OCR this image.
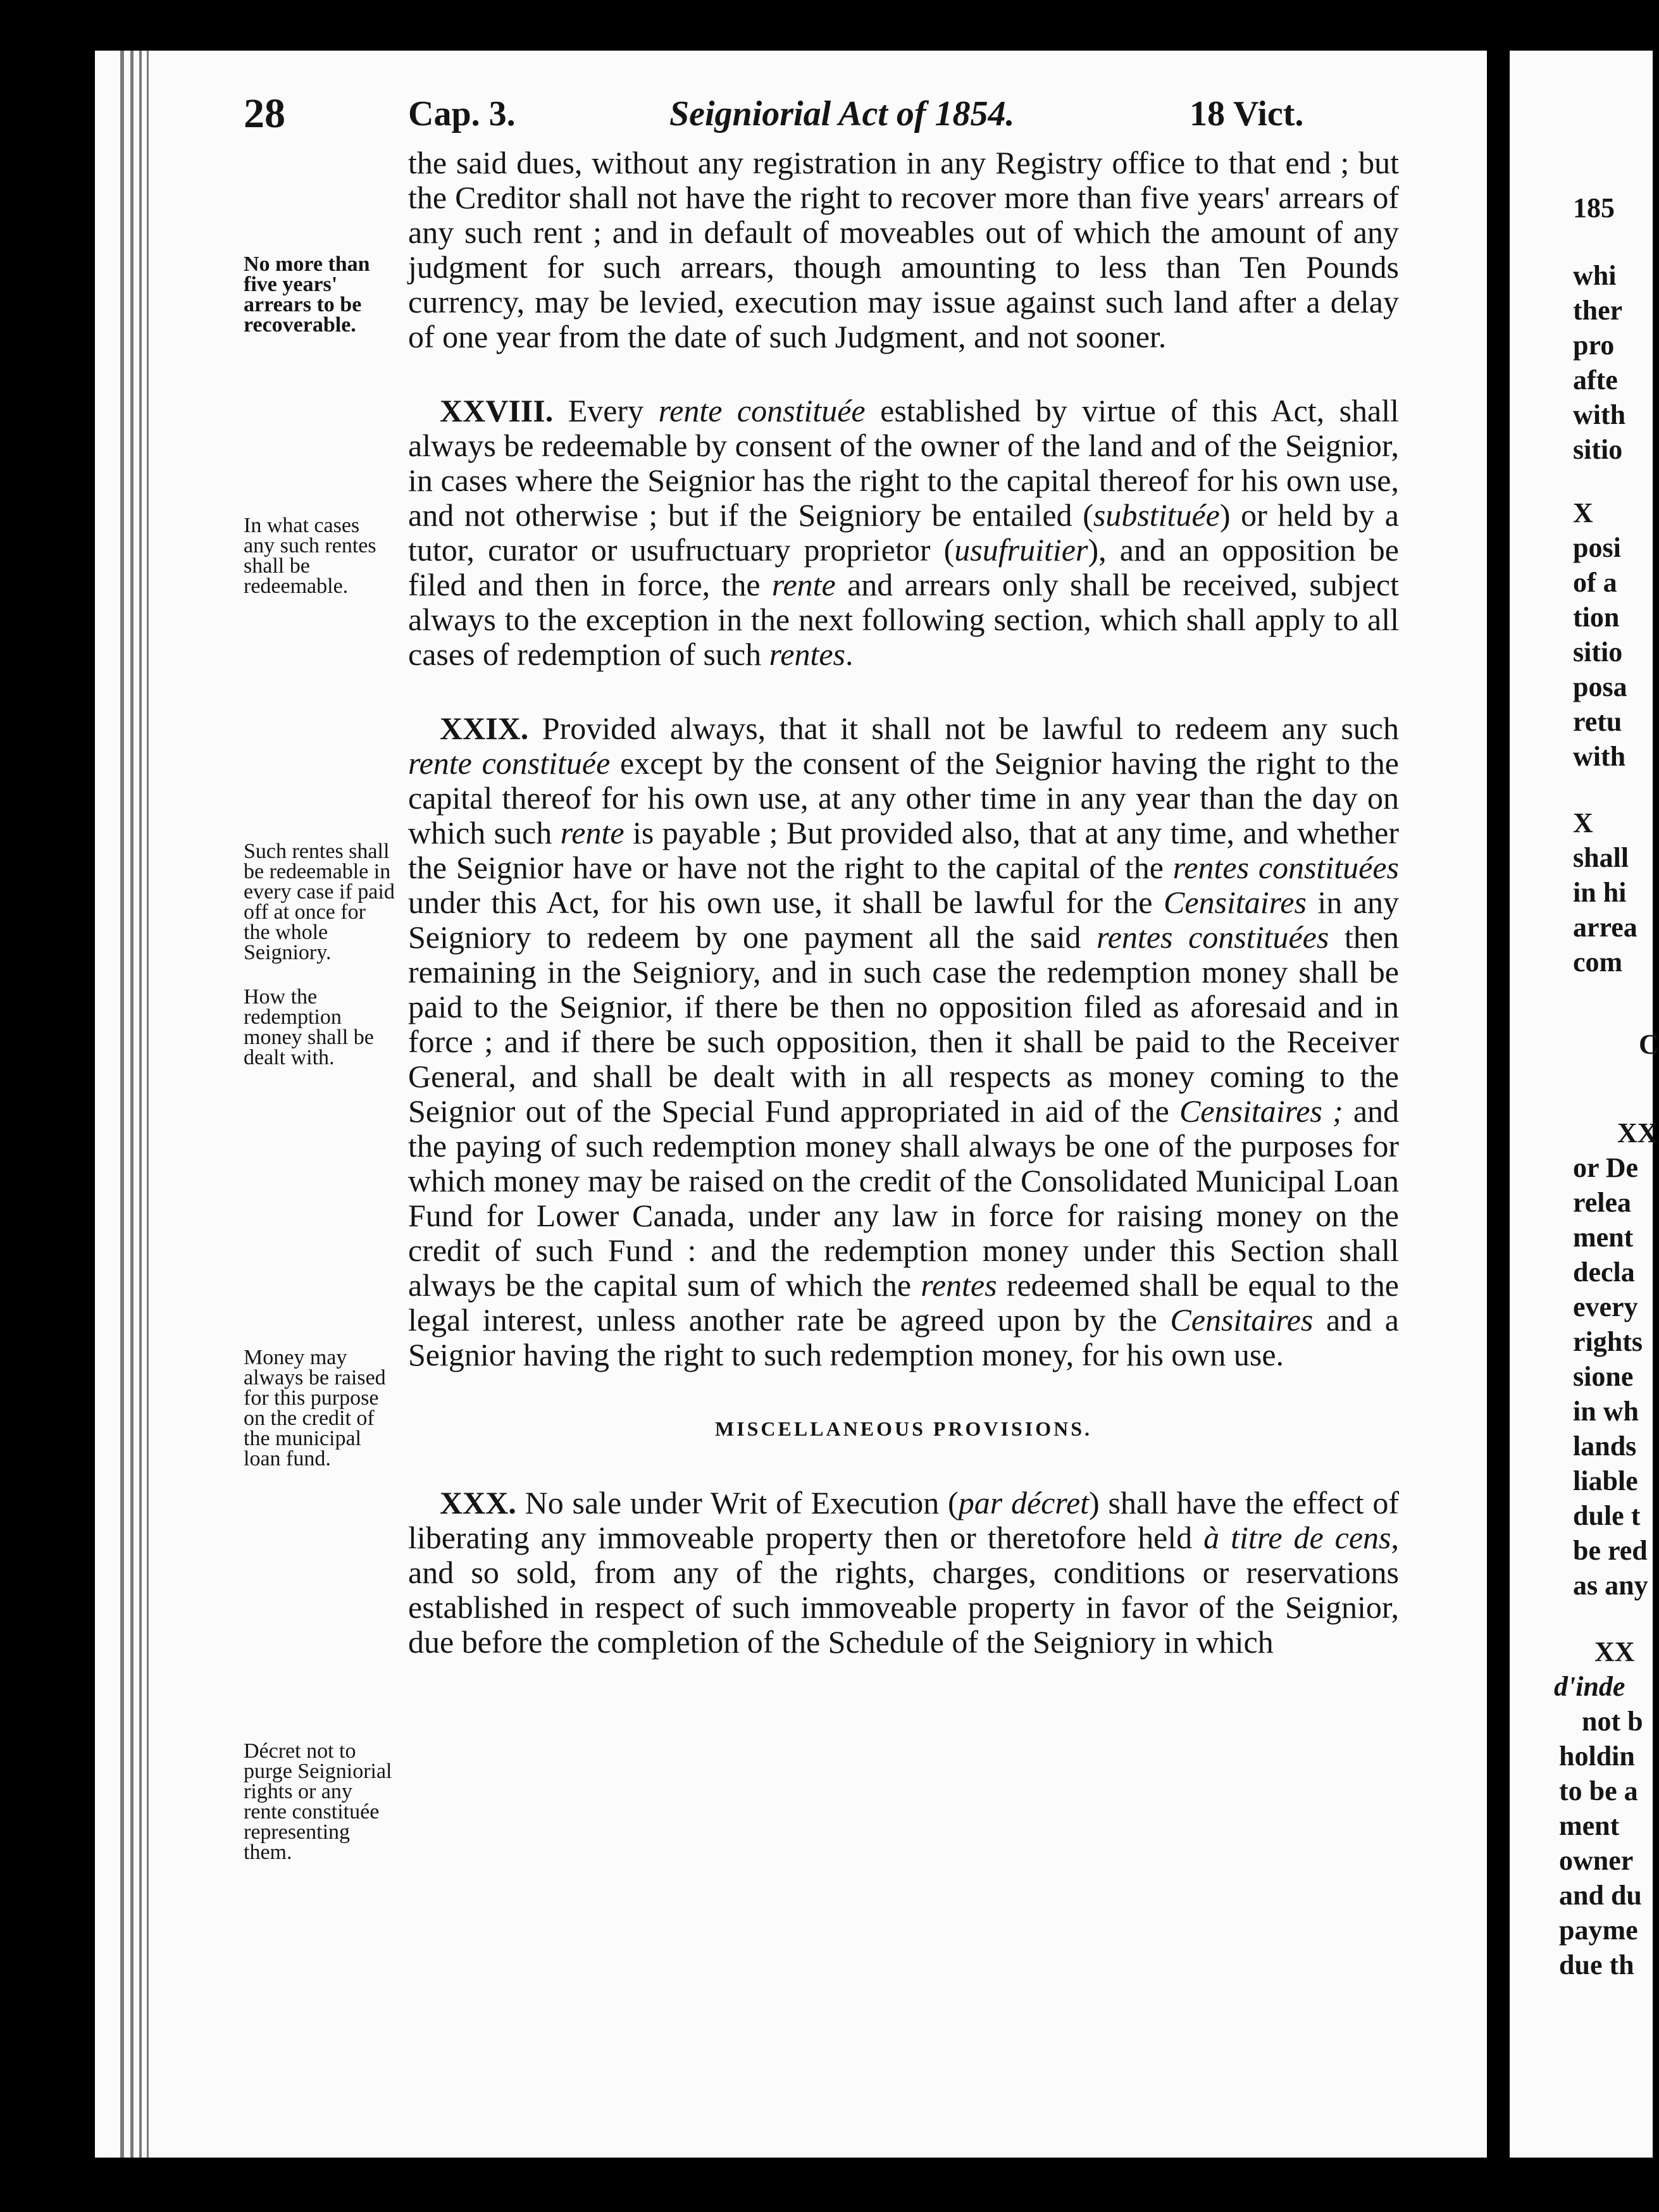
28	Cap. 3.	Seigniorial Act of 1854.	18 Vict.

No more than five years' arrears to be recoverable.

In what cases any such rentes shall be redeemable.

Such rentes shall be redeemable in every case if paid off at once for the whole Seigniory.

How the redemption money shall be dealt with.

Money may always be raised for this purpose on the credit of the municipal loan fund.

Décret not to purge Seigniorial rights or any rente constituée representing them.

the said dues, without any registration in any Registry office to that end ; but the Creditor shall not have the right to recover more than five years' arrears of any such rent ; and in default of moveables out of which the amount of any judgment for such arrears, though amounting to less than Ten Pounds currency, may be levied, execution may issue against such land after a delay of one year from the date of such Judgment, and not sooner.

XXVIII. Every rente constituée established by virtue of this Act, shall always be redeemable by consent of the owner of the land and of the Seignior, in cases where the Seignior has the right to the capital thereof for his own use, and not otherwise ; but if the Seigniory be entailed (substituée) or held by a tutor, curator or usufructuary proprietor (usufruitier), and an opposition be filed and then in force, the rente and arrears only shall be received, subject always to the exception in the next following section, which shall apply to all cases of redemption of such rentes.

XXIX. Provided always, that it shall not be lawful to redeem any such rente constituée except by the consent of the Seignior having the right to the capital thereof for his own use, at any other time in any year than the day on which such rente is payable ; But provided also, that at any time, and whether the Seignior have or have not the right to the capital of the rentes constituées under this Act, for his own use, it shall be lawful for the Censitaires in any Seigniory to redeem by one payment all the said rentes constituées then remaining in the Seigniory, and in such case the redemption money shall be paid to the Seignior, if there be then no opposition filed as aforesaid and in force ; and if there be such opposition, then it shall be paid to the Receiver General, and shall be dealt with in all respects as money coming to the Seignior out of the Special Fund appropriated in aid of the Censitaires ; and the paying of such redemption money shall always be one of the purposes for which money may be raised on the credit of the Consolidated Municipal Loan Fund for Lower Canada, under any law in force for raising money on the credit of such Fund : and the redemption money under this Section shall always be the capital sum of which the rentes redeemed shall be equal to the legal interest, unless another rate be agreed upon by the Censitaires and a Seignior having the right to such redemption money, for his own use.

MISCELLANEOUS PROVISIONS.

XXX. No sale under Writ of Execution (par décret) shall have the effect of liberating any immoveable property then or theretofore held à titre de cens, and so sold, from any of the rights, charges, conditions or reservations established in respect of such immoveable property in favor of the Seignior, due before the completion of the Schedule of the Seigniory in which

185
whi
ther
pro
afte
with
sitio
X
posi
of a
tion
sitio
posa
retu
with
X
shall
in hi
arrea
com
C
XX
or De
relea
ment
decla
every
rights
sione
in wh
lands
liable
dule t
be red
as any
XX
d'inde
not b
holdin
to be a
ment
owner
and du
payme
due th
